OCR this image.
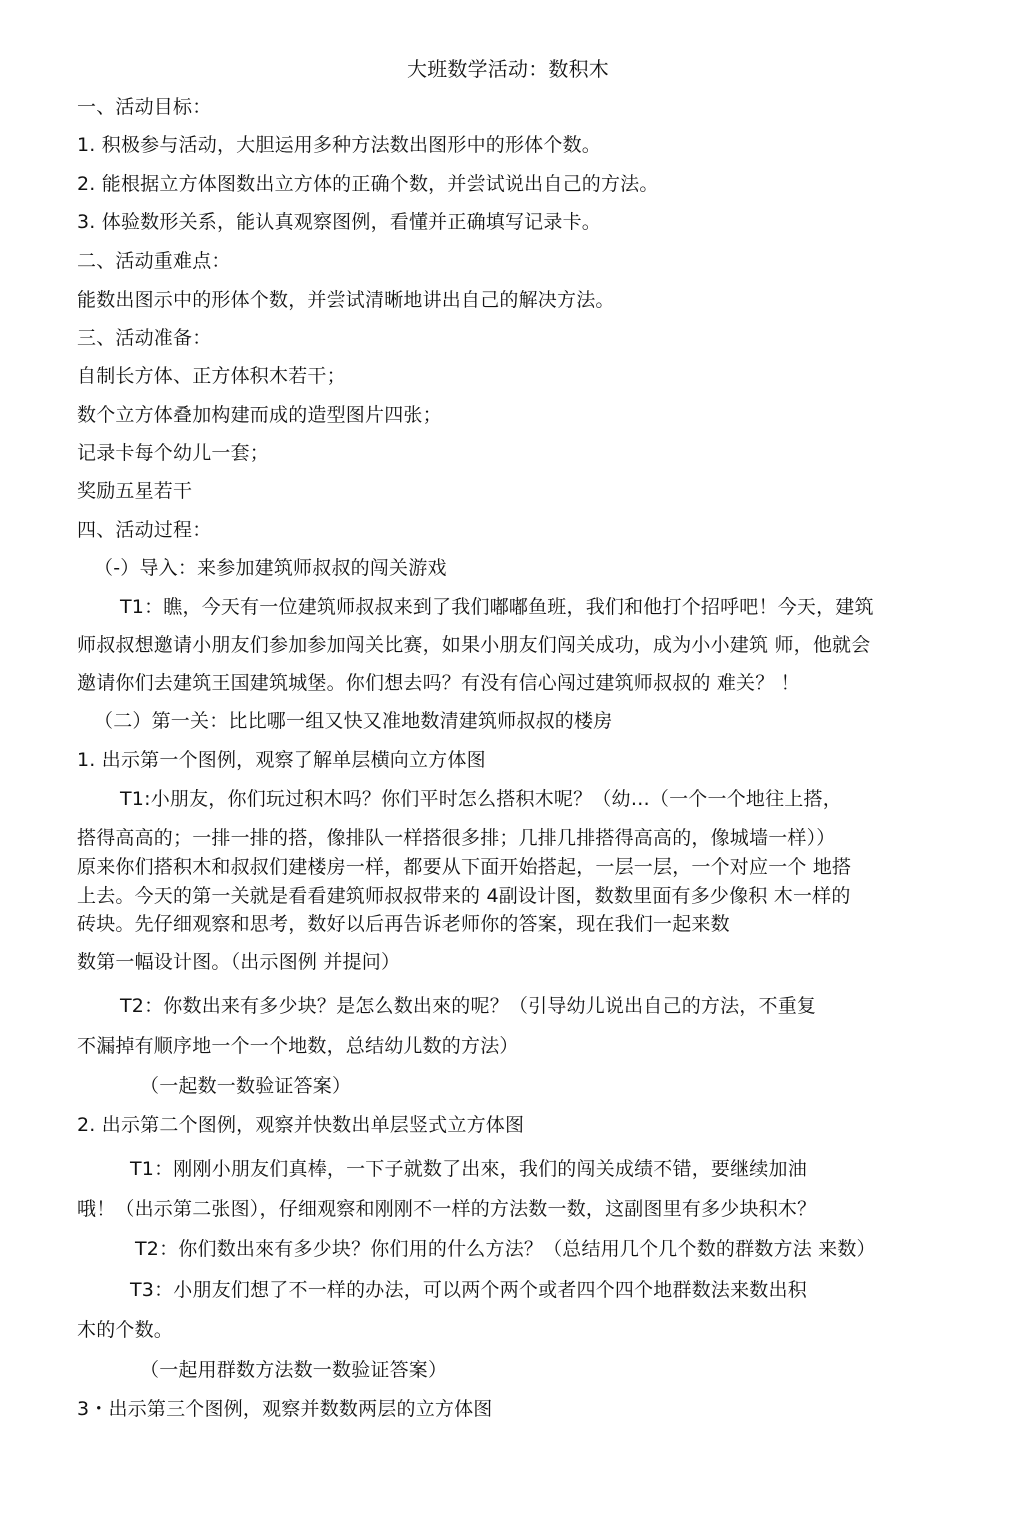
大班数学活动：数积木
一、活动目标：
1. 积极参与活动，大胆运用多种方法数出图形中的形体个数。
2. 能根据立方体图数出立方体的正确个数，并尝试说出自己的方法。
3. 体验数形关系，能认真观察图例，看懂并正确填写记录卡。
二、活动重难点：
能数出图示中的形体个数，并尝试清晰地讲出自己的解决方法。
三、活动准备：
自制长方体、正方体积木若干；
数个立方体叠加构建而成的造型图片四张；
记录卡每个幼儿一套；
奖励五星若干
四、活动过程：
（-）导入：来参加建筑师叔叔的闯关游戏
T1：瞧，今天有一位建筑师叔叔来到了我们嘟嘟鱼班，我们和他打个招呼吧！今天，建筑
师叔叔想邀请小朋友们参加参加闯关比赛，如果小朋友们闯关成功，成为小小建筑 师，他就会
邀请你们去建筑王国建筑城堡。你们想去吗？有没有信心闯过建筑师叔叔的 难关？ ！
（二）第一关：比比哪一组又快又准地数清建筑师叔叔的楼房
1. 出示第一个图例，观察了解单层横向立方体图
T1:小朋友，你们玩过积木吗？你们平时怎么搭积木呢？（幼…（一个一个地往上搭，
搭得高高的；一排一排的搭，像排队一样搭很多排；几排几排搭得高高的，像城墙一样））
原来你们搭积木和叔叔们建楼房一样，都要从下面开始搭起，一层一层，一个对应一个 地搭
上去。今天的第一关就是看看建筑师叔叔带来的 4副设计图，数数里面有多少像积 木一样的
砖块。先仔细观察和思考，数好以后再告诉老师你的答案，现在我们一起来数
数第一幅设计图。（出示图例 并提问）
T2：你数出来有多少块？是怎么数出來的呢？（引导幼儿说出自己的方法，不重复
不漏掉有顺序地一个一个地数，总结幼儿数的方法）
（一起数一数验证答案）
2. 出示第二个图例，观察并快数出单层竖式立方体图
T1：刚刚小朋友们真棒，一下子就数了出來，我们的闯关成绩不错，要继续加油
哦！（出示第二张图），仔细观察和刚刚不一样的方法数一数，这副图里有多少块积木？
T2：你们数出來有多少块？你们用的什么方法？（总结用几个几个数的群数方法 来数）
T3：小朋友们想了不一样的办法，可以两个两个或者四个四个地群数法来数出积
木的个数。
（一起用群数方法数一数验证答案）
3・出示第三个图例，观察并数数两层的立方体图
